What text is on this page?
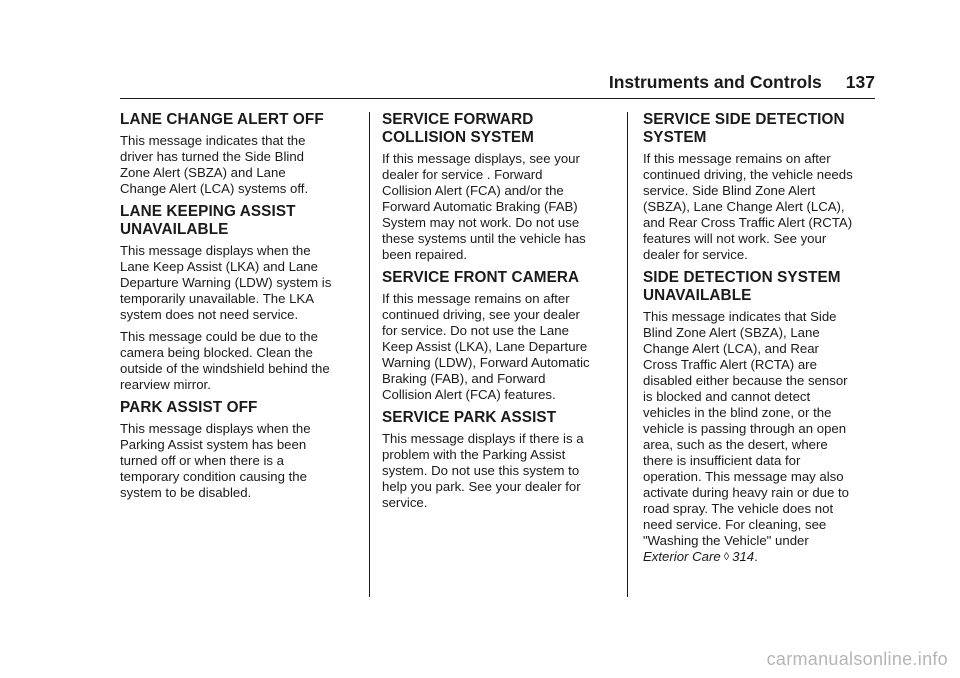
Instruments and Controls 137
LANE CHANGE ALERT OFF

This message indicates that the
driver has turned the Side Blind
Zone Alert (SBZA) and Lane
Change Alert (LCA) systems off.

LANE KEEPING ASSIST
UNAVAILABLE

This message displays when the
Lane Keep Assist (LKA) and Lane
Departure Warning (LDW) system is
temporarily unavailable. The LKA
system does not need service.

This message could be due to the
camera being blocked. Clean the
outside of the windshield behind the
rearview mirror.

PARK ASSIST OFF

This message displays when the
Parking Assist system has been
turned off or when there is a
temporary condition causing the
system to be disabled.

SERVICE FORWARD
COLLISION SYSTEM

If this message displays, see your
dealer for service . Forward
Collision Alert (FCA) and/or the
Forward Automatic Braking (FAB)
System may not work. Do not use
these systems until the vehicle has
been repaired.

SERVICE FRONT CAMERA

If this message remains on after
continued driving, see your dealer
for service. Do not use the Lane
Keep Assist (LKA), Lane Departure
Warning (LDW), Forward Automatic
Braking (FAB), and Forward
Collision Alert (FCA) features.

SERVICE PARK ASSIST

This message displays if there is a
problem with the Parking Assist
system. Do not use this system to
help you park. See your dealer for
service.

SERVICE SIDE DETECTION
SYSTEM

If this message remains on after
continued driving, the vehicle needs
service. Side Blind Zone Alert
(SBZA), Lane Change Alert (LCA),
and Rear Cross Traffic Alert (RCTA)
features will not work. See your
dealer for service.

SIDE DETECTION SYSTEM
UNAVAILABLE

This message indicates that Side
Blind Zone Alert (SBZA), Lane
Change Alert (LCA), and Rear
Cross Traffic Alert (RCTA) are
disabled either because the sensor
is blocked and cannot detect
vehicles in the blind zone, or the
vehicle is passing through an open
area, such as the desert, where
there is insufficient data for
operation. This message may also
activate during heavy rain or due to
road spray. The vehicle does not
need service. For cleaning, see
"Washing the Vehicle" under

Exterior Care ◊ 314.

carmanualsonline.info
